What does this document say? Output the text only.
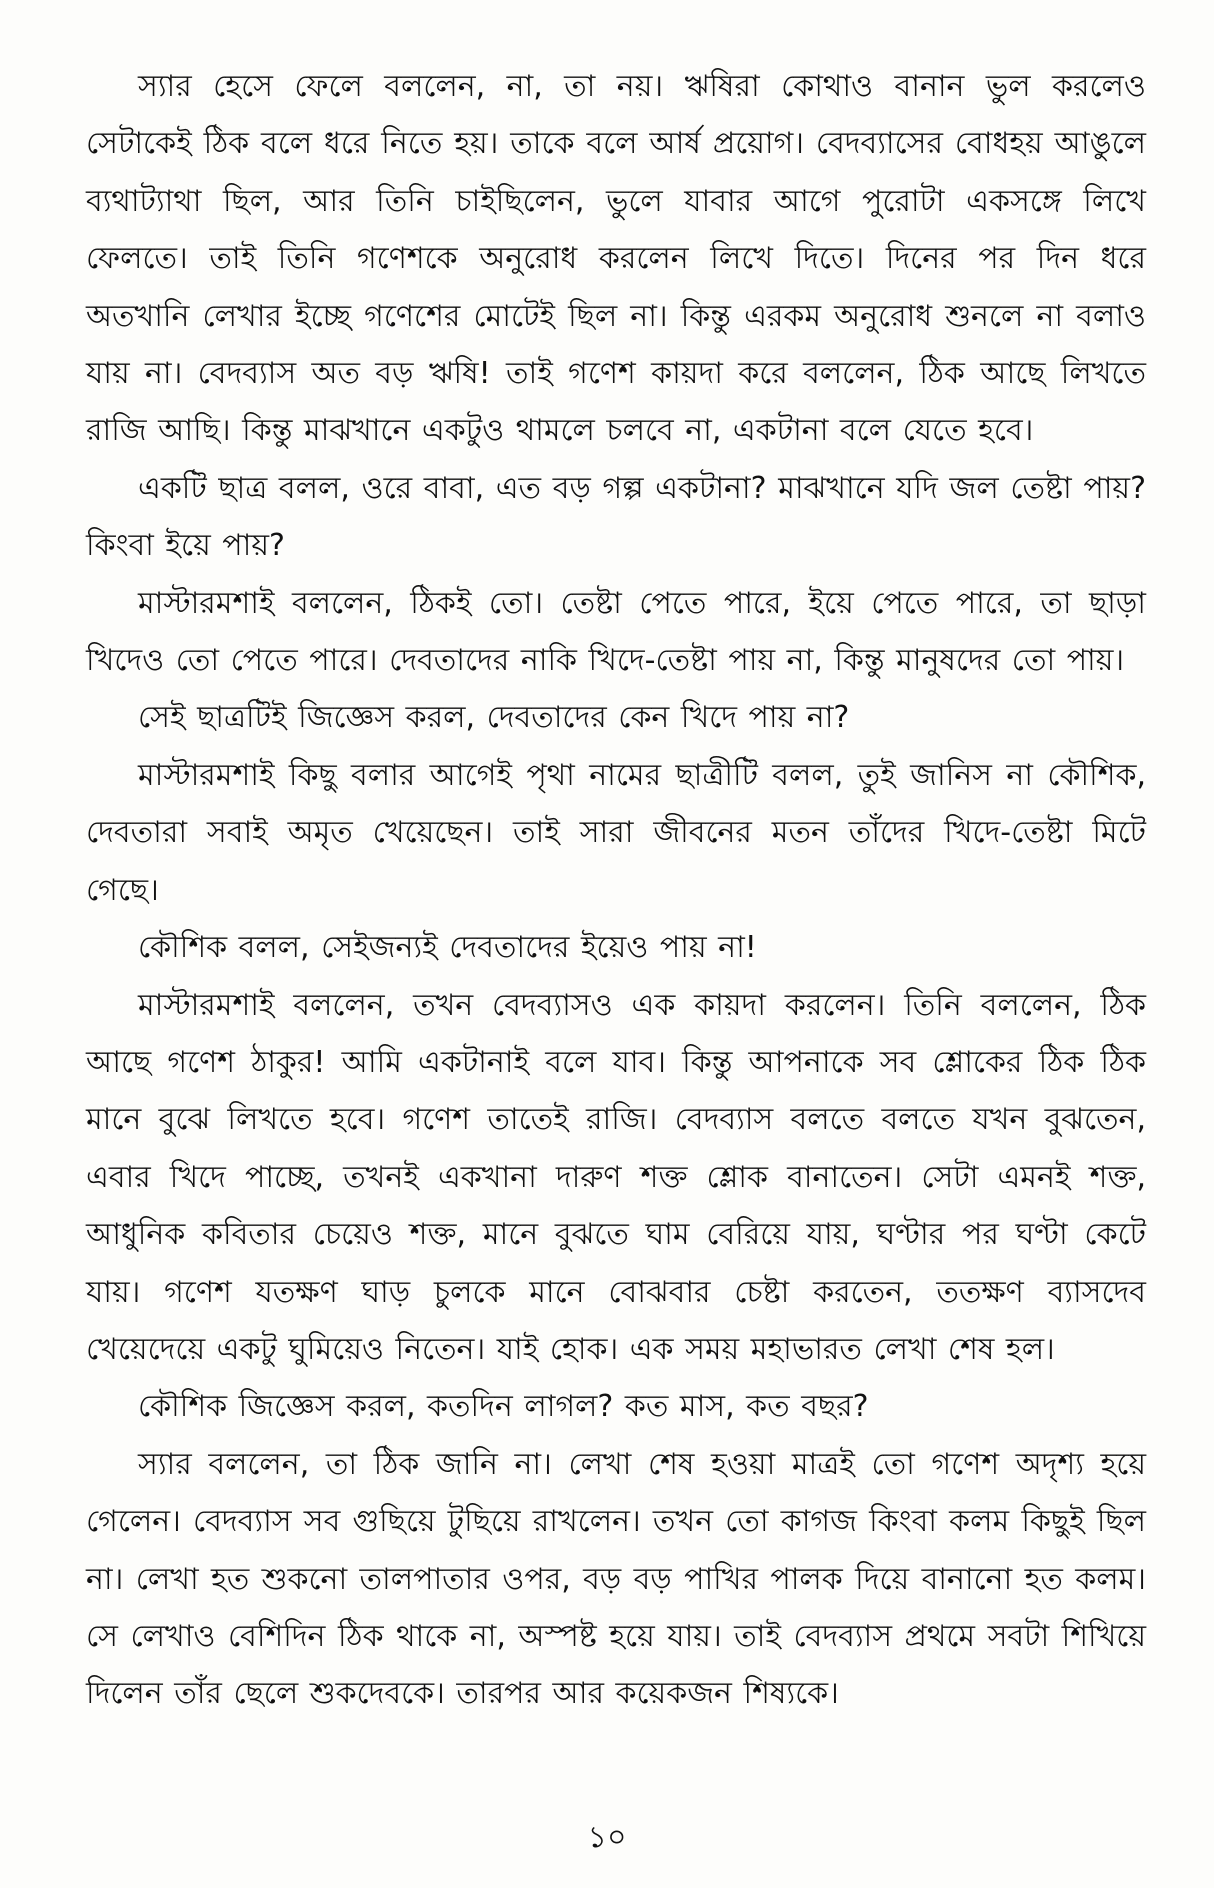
স্যার হেসে ফেলে বললেন, না, তা নয়। ঋষিরা কোথাও বানান ভুল করলেও সেটাকেই ঠিক বলে ধরে নিতে হয়। তাকে বলে আর্ষ প্রয়োগ। বেদব্যাসের বোধহয় আঙুলে ব্যথাট্যাথা ছিল, আর তিনি চাইছিলেন, ভুলে যাবার আগে পুরোটা একসঙ্গে লিখে ফেলতে। তাই তিনি গণেশকে অনুরোধ করলেন লিখে দিতে। দিনের পর দিন ধরে অতখানি লেখার ইচ্ছে গণেশের মোটেই ছিল না। কিন্তু এরকম অনুরোধ শুনলে না বলাও যায় না। বেদব্যাস অত বড় ঋষি! তাই গণেশ কায়দা করে বললেন, ঠিক আছে লিখতে রাজি আছি। কিন্তু মাঝখানে একটুও থামলে চলবে না, একটানা বলে যেতে হবে।

একটি ছাত্র বলল, ওরে বাবা, এত বড় গল্প একটানা? মাঝখানে যদি জল তেষ্টা পায়? কিংবা ইয়ে পায়?

মাস্টারমশাই বললেন, ঠিকই তো। তেষ্টা পেতে পারে, ইয়ে পেতে পারে, তা ছাড়া খিদেও তো পেতে পারে। দেবতাদের নাকি খিদে-তেষ্টা পায় না, কিন্তু মানুষদের তো পায়।

সেই ছাত্রটিই জিজ্ঞেস করল, দেবতাদের কেন খিদে পায় না?

মাস্টারমশাই কিছু বলার আগেই পৃথা নামের ছাত্রীটি বলল, তুই জানিস না কৌশিক, দেবতারা সবাই অমৃত খেয়েছেন। তাই সারা জীবনের মতন তাঁদের খিদে-তেষ্টা মিটে গেছে।

কৌশিক বলল, সেইজন্যই দেবতাদের ইয়েও পায় না!

মাস্টারমশাই বললেন, তখন বেদব্যাসও এক কায়দা করলেন। তিনি বললেন, ঠিক আছে গণেশ ঠাকুর! আমি একটানাই বলে যাব। কিন্তু আপনাকে সব শ্লোকের ঠিক ঠিক মানে বুঝে লিখতে হবে। গণেশ তাতেই রাজি। বেদব্যাস বলতে বলতে যখন বুঝতেন, এবার খিদে পাচ্ছে, তখনই একখানা দারুণ শক্ত শ্লোক বানাতেন। সেটা এমনই শক্ত, আধুনিক কবিতার চেয়েও শক্ত, মানে বুঝতে ঘাম বেরিয়ে যায়, ঘণ্টার পর ঘণ্টা কেটে যায়। গণেশ যতক্ষণ ঘাড় চুলকে মানে বোঝবার চেষ্টা করতেন, ততক্ষণ ব্যাসদেব খেয়েদেয়ে একটু ঘুমিয়েও নিতেন। যাই হোক। এক সময় মহাভারত লেখা শেষ হল।

কৌশিক জিজ্ঞেস করল, কতদিন লাগল? কত মাস, কত বছর?

স্যার বললেন, তা ঠিক জানি না। লেখা শেষ হওয়া মাত্রই তো গণেশ অদৃশ্য হয়ে গেলেন। বেদব্যাস সব গুছিয়ে টুছিয়ে রাখলেন। তখন তো কাগজ কিংবা কলম কিছুই ছিল না। লেখা হত শুকনো তালপাতার ওপর, বড় বড় পাখির পালক দিয়ে বানানো হত কলম। সে লেখাও বেশিদিন ঠিক থাকে না, অস্পষ্ট হয়ে যায়। তাই বেদব্যাস প্রথমে সবটা শিখিয়ে দিলেন তাঁর ছেলে শুকদেবকে। তারপর আর কয়েকজন শিষ্যকে।

১০
